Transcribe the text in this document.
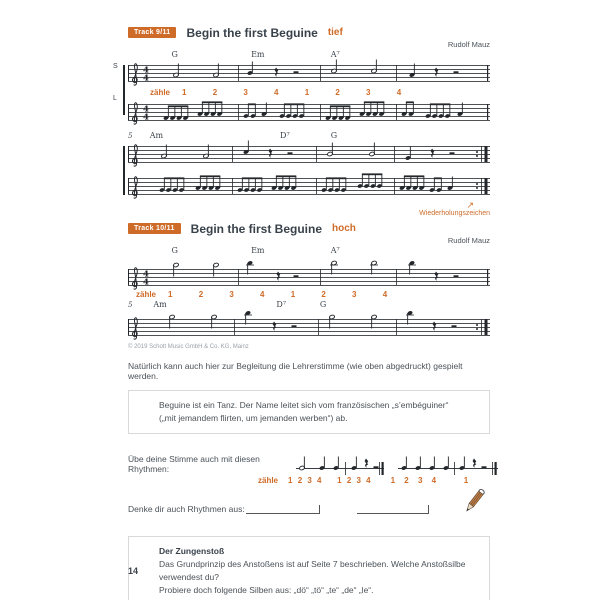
Track 9/11	Begin the first Beguine tief
Rudolf Mauz
S
L
G	Em	A⁷
4
4
zähle 1 2 3 4 1 2 3 4
4
4
5 Am	D⁷	G
↗
Wiederholungszeichen
Track 10/11	Begin the first Beguine hoch
Rudolf Mauz
G	Em	A⁷
4
4
zähle 1 2 3 4 1 2 3 4
5	Am	D⁷	G
© 2019 Schott Music GmbH & Co. KG, Mainz
Natürlich kann auch hier zur Begleitung die Lehrerstimme (wie oben abgedruckt) gespielt werden.
Beguine ist ein Tanz. Der Name leitet sich vom französischen „s’embéguiner“
(„mit jemandem flirten, um jemanden werben“) ab.
Übe deine Stimme auch mit diesen Rhythmen:
zähle 1 2 3 4   1 2 3 4	1 2 3 4   1
Denke dir auch Rhythmen aus:
Der Zungenstoß
Das Grundprinzip des Anstoßens ist auf Seite 7 beschrieben. Welche Anstoßsilbe verwendest du?
Probiere doch folgende Silben aus: „dö“ „tö“ „te“ „de“ „le“.
14
